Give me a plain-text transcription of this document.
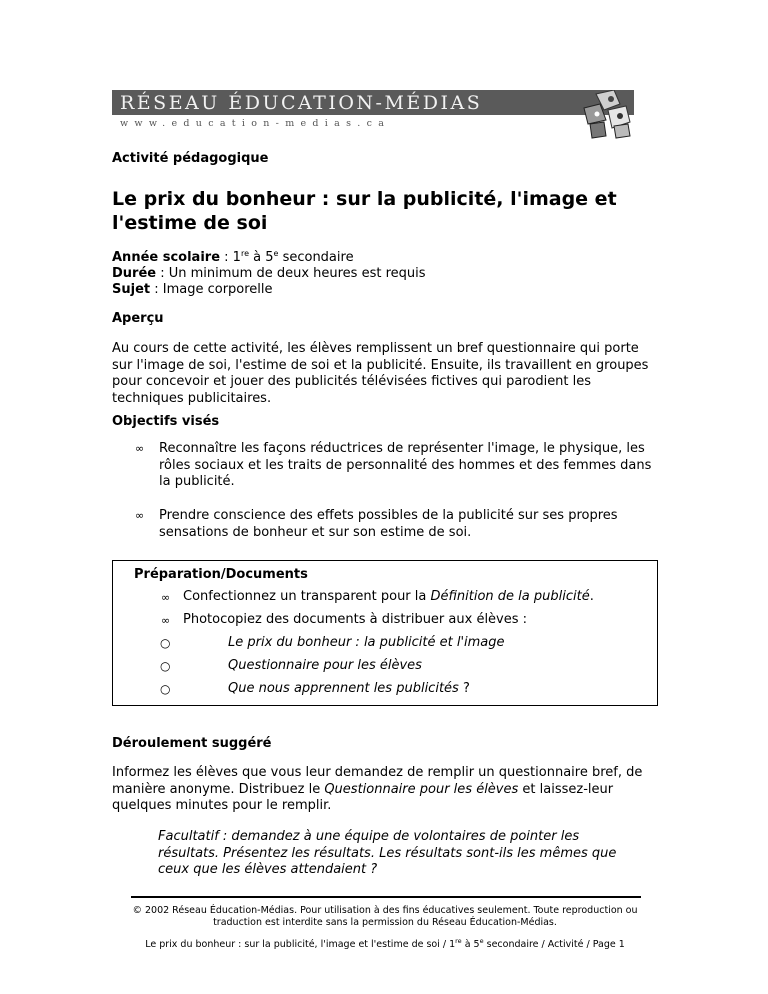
RÉSEAU ÉDUCATION-MÉDIAS
www.education-medias.ca
Activité pédagogique
Le prix du bonheur : sur la publicité, l'image et l'estime de soi
Année scolaire : 1re à 5e secondaire
Durée : Un minimum de deux heures est requis
Sujet : Image corporelle
Aperçu
Au cours de cette activité, les élèves remplissent un bref questionnaire qui porte sur l'image de soi, l'estime de soi et la publicité. Ensuite, ils travaillent en groupes pour concevoir et jouer des publicités télévisées fictives qui parodient les techniques publicitaires.
Objectifs visés
∞ Reconnaître les façons réductrices de représenter l'image, le physique, les rôles sociaux et les traits de personnalité des hommes et des femmes dans la publicité.
∞ Prendre conscience des effets possibles de la publicité sur ses propres sensations de bonheur et sur son estime de soi.
Préparation/Documents
∞ Confectionnez un transparent pour la Définition de la publicité.
∞ Photocopiez des documents à distribuer aux élèves :
○	Le prix du bonheur : la publicité et l'image
○	Questionnaire pour les élèves
○	Que nous apprennent les publicités ?
Déroulement suggéré
Informez les élèves que vous leur demandez de remplir un questionnaire bref, de manière anonyme. Distribuez le Questionnaire pour les élèves et laissez-leur quelques minutes pour le remplir.
Facultatif : demandez à une équipe de volontaires de pointer les résultats. Présentez les résultats. Les résultats sont-ils les mêmes que ceux que les élèves attendaient ?
© 2002 Réseau Éducation-Médias. Pour utilisation à des fins éducatives seulement. Toute reproduction ou traduction est interdite sans la permission du Réseau Éducation-Médias.
Le prix du bonheur : sur la publicité, l'image et l'estime de soi / 1re à 5e secondaire / Activité / Page 1
